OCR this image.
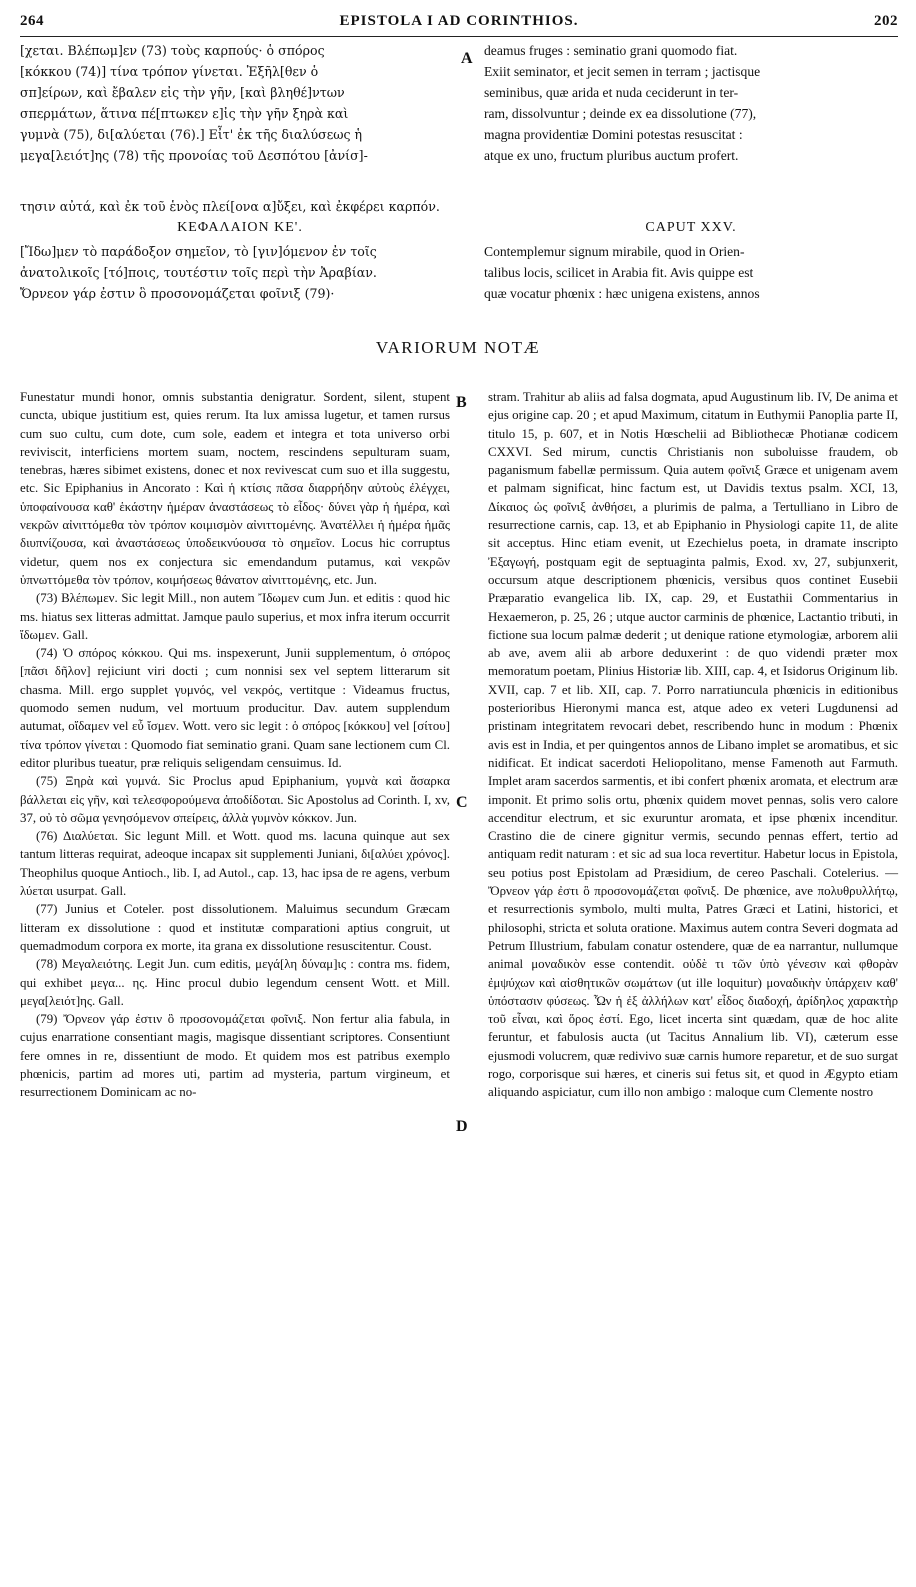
264	EPISTOLA I AD CORINTHIOS.	202

[χεται. Βλέπωμ]εν (73) τοὺς καρπούς· ὁ σπόρος

[κόκκου (74)] τίνα τρόπον γίνεται. Ἐξῆλ[θεν ὁ

σπ]είρων, καὶ ἔβαλεν εἰς τὴν γῆν, [καὶ βληθέ]ντων

σπερμάτων, ἅτινα πέ[πτωκεν ε]ἰς τὴν γῆν ξηρὰ καὶ

γυμνὰ (75), δι[αλύεται (76).] Εἶτ' ἐκ τῆς διαλύσεως ἡ

μεγα[λειότ]ης (78) τῆς προνοίας τοῦ Δεσπότου [ἀνίσ]-

ΚΕΦΑΛΑΙΟΝ ΚΕ'.

[Ἴδω]μεν τὸ παράδοξον σημεῖον, τὸ [γιν]όμενον ἐν τοῖς

ἀνατολικοῖς [τό]ποις, τουτέστιν τοῖς περὶ τὴν Ἀραβίαν.

Ὄρνεον γάρ ἐστιν ὃ προσονομάζεται φοῖνιξ (79)·

τησιν αὐτά, καὶ ἐκ τοῦ ἑνὸς πλεί[ονα α]ὔξει, καὶ ἐκφέρει καρπόν.
A deamus fruges : seminatio grani quomodo fiat.

Exiit seminator, et jecit semen in terram ; jactisque

seminibus, quæ arida et nuda ceciderunt in ter-

ram, dissolvuntur ; deinde ex ea dissolutione (77),

magna providentiæ Domini potestas resuscitat :

atque ex uno, fructum pluribus auctum profert.

CAPUT XXV.

Contemplemur signum mirabile, quod in Orien-

talibus locis, scilicet in Arabia fit. Avis quippe est

quæ vocatur phœnix : hæc unigena existens, annos

VARIORUM NOTÆ

Funestatur mundi honor, omnis substantia denigratur. Sordent, silent, stupent cuncta, ubique justitium est, quies rerum. Ita lux amissa lugetur, et tamen rursus cum suo cultu, cum dote, cum sole, eadem et integra et tota universo orbi reviviscit, interficiens mortem suam, noctem, rescindens sepulturam suam, tenebras, hæres sibimet existens, donec et nox revivescat cum suo et illa suggestu, etc. Sic Epiphanius in Ancorato : Καὶ ἡ κτίσις πᾶσα διαρρήδην αὐτοὺς ἐλέγχει, ὑποφαίνουσα καθ' ἑκάστην ἡμέραν ἀναστάσεως τὸ εἶδος· δύνει γὰρ ἡ ἡμέρα, καὶ νεκρῶν αἰνιττόμεθα τὸν τρόπον κοιμισμὸν αἰνιττομένης. Ἀνατέλλει ἡ ἡμέρα ἡμᾶς διυπνίζουσα, καὶ ἀναστάσεως ὑποδεικνύουσα τὸ σημεῖον. Locus hic corruptus videtur, quem nos ex conjectura sic emendandum putamus, καὶ νεκρῶν ὑπνωττόμεθα τὸν τρόπον, κοιμήσεως θάνατον αἰνιττομένης, etc. Jun.

(73) Βλέπωμεν. Sic legit Mill., non autem Ἴδωμεν cum Jun. et editis : quod hic ms. hiatus sex litteras admittat. Jamque paulo superius, et mox infra iterum occurrit ἴδωμεν. Gall.

(74) Ὁ σπόρος κόκκου. Qui ms. inspexerunt, Junii supplementum, ὁ σπόρος [πᾶσι δῆλον] rejiciunt viri docti ; cum nonnisi sex vel septem litterarum sit chasma. Mill. ergo supplet γυμνός, vel νεκρός, vertitque : Videamus fructus, quomodo semen nudum, vel mortuum producitur. Dav. autem supplendum autumat, οἴδαμεν vel εὖ ἴσμεν. Wott. vero sic legit : ὁ σπόρος [κόκκου] vel [σίτου] τίνα τρόπον γίνεται : Quomodo fiat seminatio grani. Quam sane lectionem cum Cl. editor pluribus tueatur, præ reliquis seligendam censuimus. Id.

(75) Ξηρὰ καὶ γυμνά. Sic Proclus apud Epiphanium, γυμνὰ καὶ ἄσαρκα βάλλεται εἰς γῆν, καὶ τελεσφορούμενα ἀποδίδοται. Sic Apostolus ad Corinth. I, xv, 37, οὐ τὸ σῶμα γενησόμενον σπείρεις, ἀλλὰ γυμνὸν κόκκον. Jun.

(76) Διαλύεται. Sic legunt Mill. et Wott. quod ms. lacuna quinque aut sex tantum litteras requirat, adeoque incapax sit supplementi Juniani, δι[αλύει χρόνος]. Theophilus quoque Antioch., lib. I, ad Autol., cap. 13, hac ipsa de re agens, verbum λύεται usurpat. Gall.

(77) Junius et Coteler. post dissolutionem. Maluimus secundum Græcam litteram ex dissolutione : quod et institutæ comparationi aptius congruit, ut quemadmodum corpora ex morte, ita grana ex dissolutione resuscitentur. Coust.

(78) Μεγαλειότης. Legit Jun. cum editis, μεγά[λη δύναμ]ις : contra ms. fidem, qui exhibet μεγα... ης. Hinc procul dubio legendum censent Wott. et Mill. μεγα[λειότ]ης. Gall.

(79) Ὄρνεον γάρ ἐστιν ὃ προσονομάζεται φοῖνιξ. Non fertur alia fabula, in cujus enarratione consentiant magis, magisque dissentiant scriptores. Consentiunt fere omnes in re, dissentiunt de modo. Et quidem mos est patribus exemplo phœnicis, partim ad mores uti, partim ad mysteria, partum virgineum, et resurrectionem Dominicam ac no-

B
C
D

stram. Trahitur ab aliis ad falsa dogmata, apud Augustinum lib. IV, De anima et ejus origine cap. 20 ; et apud Maximum, citatum in Euthymii Panoplia parte II, titulo 15, p. 607, et in Notis Hœschelii ad Bibliothecæ Photianæ codicem CXXVI. Sed mirum, cunctis Christianis non suboluisse fraudem, ob paganismum fabellæ permissum. Quia autem φοῖνιξ Græce et unigenam avem et palmam significat, hinc factum est, ut Davidis textus psalm. XCI, 13, Δίκαιος ὡς φοῖνιξ ἀνθήσει, a plurimis de palma, a Tertulliano in Libro de resurrectione carnis, cap. 13, et ab Epiphanio in Physiologi capite 11, de alite sit acceptus. Hinc etiam evenit, ut Ezechielus poeta, in dramate inscripto Ἐξαγωγή, postquam egit de septuaginta palmis, Exod. xv, 27, subjunxerit, occursum atque descriptionem phœnicis, versibus quos continet Eusebii Præparatio evangelica lib. IX, cap. 29, et Eustathii Commentarius in Hexaemeron, p. 25, 26 ; utque auctor carminis de phœnice, Lactantio tributi, in fictione sua locum palmæ dederit ; ut denique ratione etymologiæ, arborem alii ab ave, avem alii ab arbore deduxerint : de quo videndi præter mox memoratum poetam, Plinius Historiæ lib. XIII, cap. 4, et Isidorus Originum lib. XVII, cap. 7 et lib. XII, cap. 7. Porro narratiuncula phœnicis in editionibus posterioribus Hieronymi manca est, atque adeo ex veteri Lugdunensi ad pristinam integritatem revocari debet, rescribendo hunc in modum : Phœnix avis est in India, et per quingentos annos de Libano implet se aromatibus, et sic nidificat. Et indicat sacerdoti Heliopolitano, mense Famenoth aut Farmuth. Implet aram sacerdos sarmentis, et ibi confert phœnix aromata, et electrum aræ imponit. Et primo solis ortu, phœnix quidem movet pennas, solis vero calore accenditur electrum, et sic exuruntur aromata, et ipse phœnix incenditur. Crastino die de cinere gignitur vermis, secundo pennas effert, tertio ad antiquam redit naturam : et sic ad sua loca revertitur. Habetur locus in Epistola, seu potius post Epistolam ad Præsidium, de cereo Paschali. Cotelerius. — Ὄρνεον γάρ ἐστι ὃ προσονομάζεται φοῖνιξ. De phœnice, ave πολυθρυλλήτῳ, et resurrectionis symbolo, multi multa, Patres Græci et Latini, historici, et philosophi, stricta et soluta oratione. Maximus autem contra Severi dogmata ad Petrum Illustrium, fabulam conatur ostendere, quæ de ea narrantur, nullumque animal μοναδικὸν esse contendit. οὐδὲ τι τῶν ὑπὸ γένεσιν καὶ φθορὰν ἐμψύχων καὶ αἰσθητικῶν σωμάτων (ut ille loquitur) μοναδικὴν ὑπάρχειν καθ' ὑπόστασιν φύσεως. Ὧν ἡ ἐξ ἀλλήλων κατ' εἶδος διαδοχή, ἀρίδηλος χαρακτὴρ τοῦ εἶναι, καὶ ὅρος ἐστί. Ego, licet incerta sint quædam, quæ de hoc alite feruntur, et fabulosis aucta (ut Tacitus Annalium lib. VI), cæterum esse ejusmodi volucrem, quæ redivivo suæ carnis humore reparetur, et de suo surgat rogo, corporisque sui hæres, et cineris sui fetus sit, et quod in Ægypto etiam aliquando aspiciatur, cum illo non ambigo : maloque cum Clemente nostro
